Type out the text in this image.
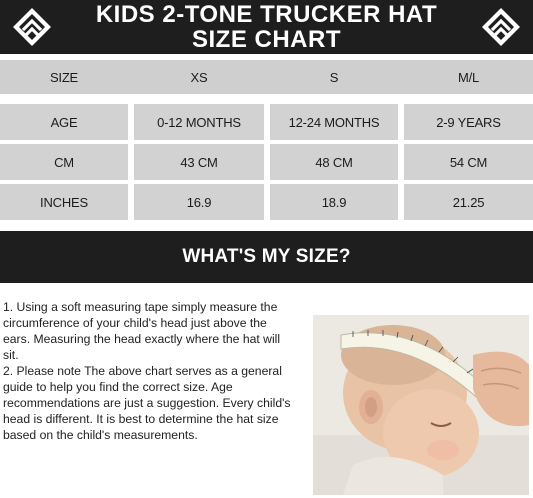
KIDS 2-TONE TRUCKER HAT
SIZE CHART
SIZE	XS	S	M/L
AGE	0-12 MONTHS	12-24 MONTHS	2-9 YEARS
CM	43 CM	48 CM	54 CM
INCHES	16.9	18.9	21.25
WHAT'S MY SIZE?

1. Using a soft measuring tape simply measure the
circumference of your child's head just above the
ears. Measuring the head exactly where the hat will
sit.

2. Please note The above chart serves as a general
guide to help you find the correct size. Age
recommendations are just a suggestion. Every child's
head is different. It is best to determine the hat size
based on the child's measurements.
